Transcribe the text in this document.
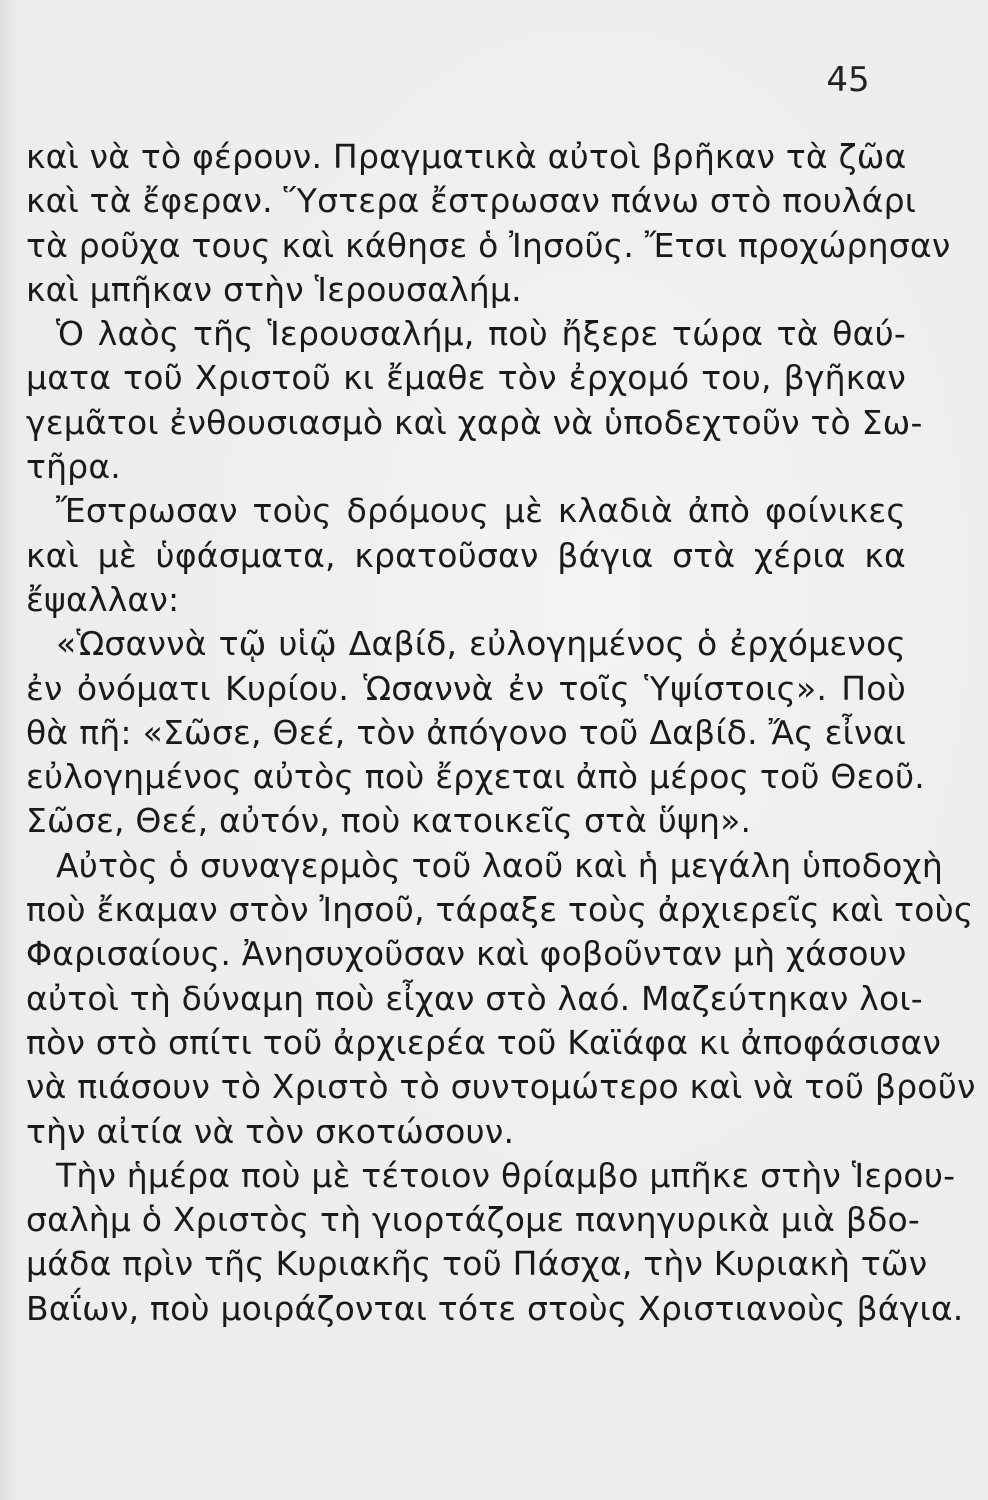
45
καὶ νὰ τὸ φέρουν. Πραγματικὰ αὐτοὶ βρῆκαν τὰ ζῶα
καὶ τὰ ἔφεραν. Ὕστερα ἔστρωσαν πάνω στὸ πουλάρι
τὰ ροῦχα τους καὶ κάθησε ὁ Ἰησοῦς. Ἔτσι προχώρησαν
καὶ μπῆκαν στὴν Ἱερουσαλήμ.
Ὁ λαὸς τῆς Ἱερουσαλήμ, ποὺ ἤξερε τώρα τὰ θαύ-
ματα τοῦ Χριστοῦ κι ἔμαθε τὸν ἐρχομό του, βγῆκαν
γεμᾶτοι ἐνθουσιασμὸ καὶ χαρὰ νὰ ὑποδεχτοῦν τὸ Σω-
τῆρα.
Ἔστρωσαν τοὺς δρόμους μὲ κλαδιὰ ἀπὸ φοίνικες
καὶ μὲ ὑφάσματα, κρατοῦσαν βάγια στὰ χέρια κα
ἔψαλλαν:
«Ὡσαννὰ τῷ υἱῷ Δαβίδ, εὐλογημένος ὁ ἐρχόμενος
ἐν ὀνόματι Κυρίου. Ὡσαννὰ ἐν τοῖς Ὑψίστοις». Ποὺ
θὰ πῆ: «Σῶσε, Θεέ, τὸν ἀπόγονο τοῦ Δαβίδ. Ἄς εἶναι
εὐλογημένος αὐτὸς ποὺ ἔρχεται ἀπὸ μέρος τοῦ Θεοῦ.
Σῶσε, Θεέ, αὐτόν, ποὺ κατοικεῖς στὰ ὕψη».
Αὐτὸς ὁ συναγερμὸς τοῦ λαοῦ καὶ ἡ μεγάλη ὑποδοχὴ
ποὺ ἔκαμαν στὸν Ἰησοῦ, τάραξε τοὺς ἀρχιερεῖς καὶ τοὺς
Φαρισαίους. Ἀνησυχοῦσαν καὶ φοβοῦνταν μὴ χάσουν
αὐτοὶ τὴ δύναμη ποὺ εἶχαν στὸ λαό. Μαζεύτηκαν λοι-
πὸν στὸ σπίτι τοῦ ἀρχιερέα τοῦ Καϊάφα κι ἀποφάσισαν
νὰ πιάσουν τὸ Χριστὸ τὸ συντομώτερο καὶ νὰ τοῦ βροῦν
τὴν αἰτία νὰ τὸν σκοτώσουν.
Τὴν ἡμέρα ποὺ μὲ τέτοιον θρίαμβο μπῆκε στὴν Ἱερου-
σαλὴμ ὁ Χριστὸς τὴ γιορτάζομε πανηγυρικὰ μιὰ βδο-
μάδα πρὶν τῆς Κυριακῆς τοῦ Πάσχα, τὴν Κυριακὴ τῶν
Βαΐων, ποὺ μοιράζονται τότε στοὺς Χριστιανοὺς βάγια.
